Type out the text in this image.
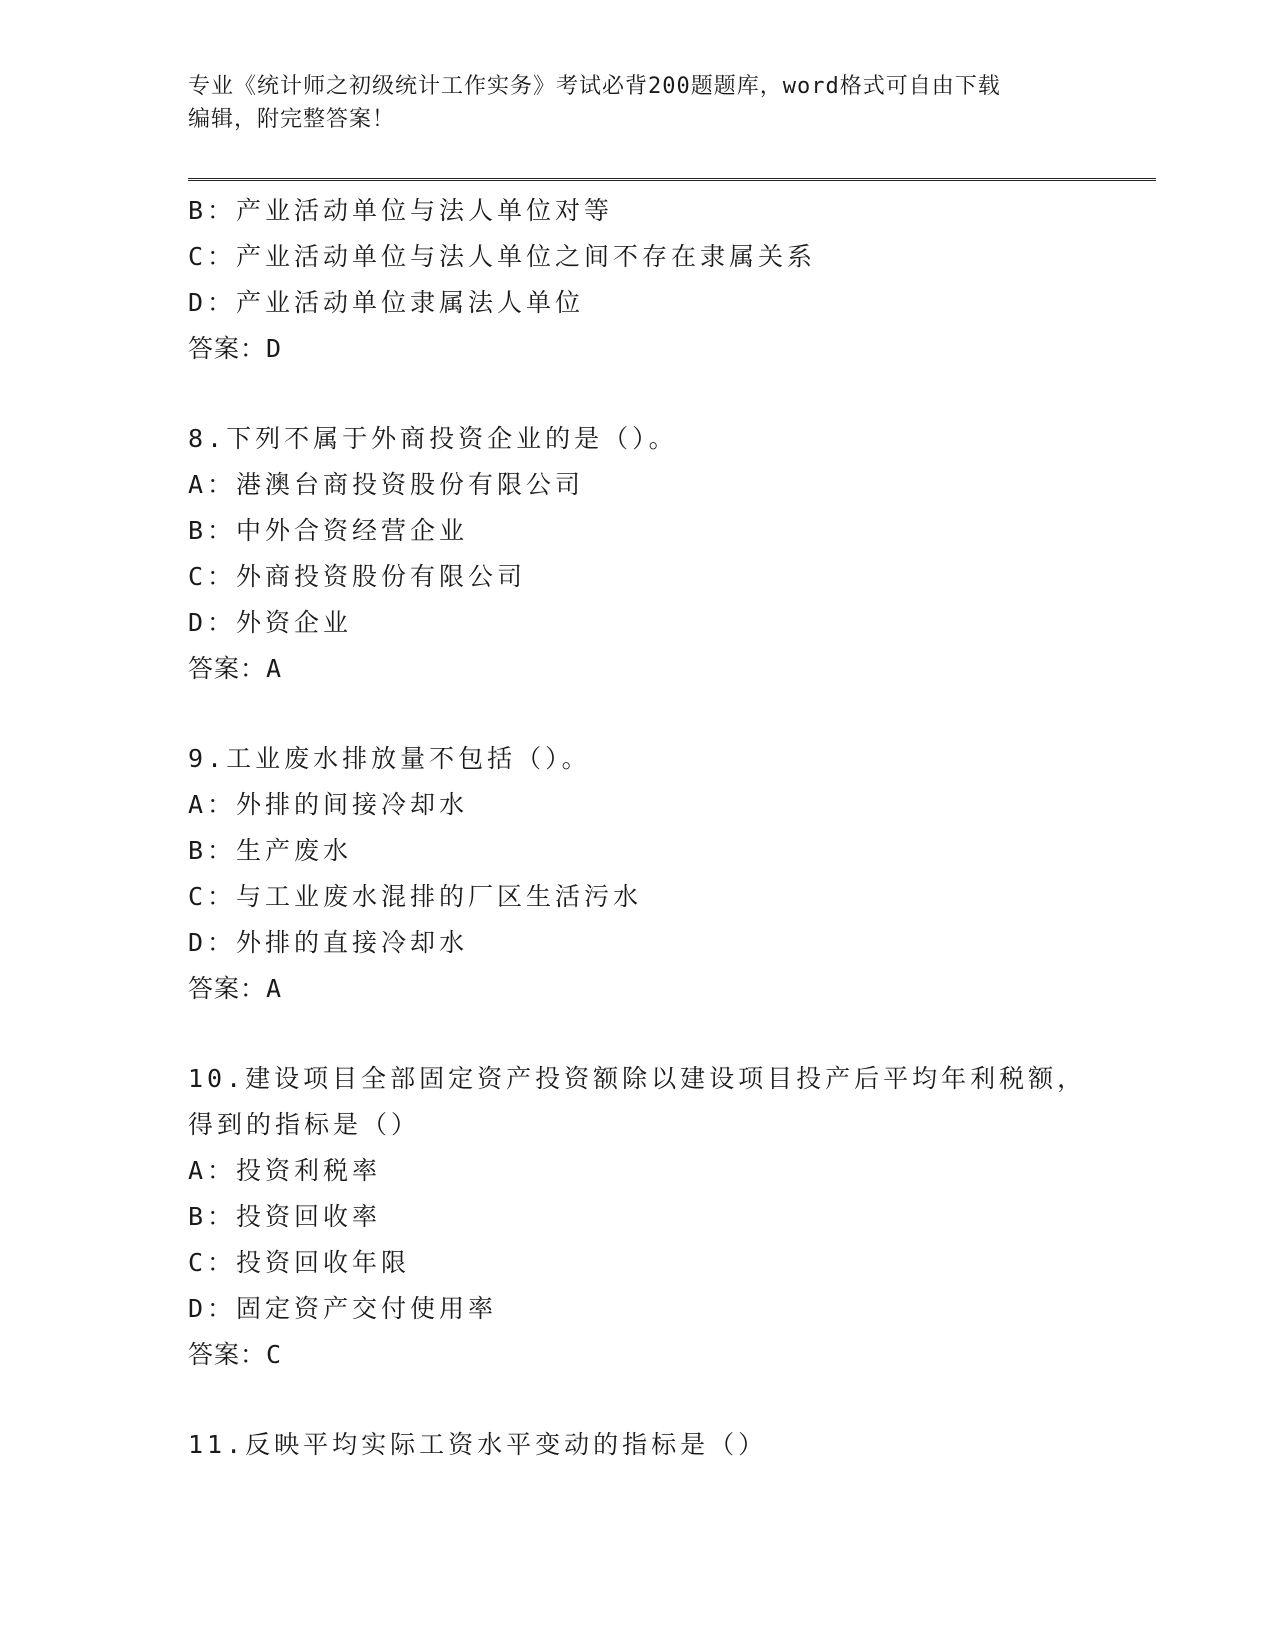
专业《统计师之初级统计工作实务》考试必背200题题库，word格式可自由下载
编辑，附完整答案！
B：产业活动单位与法人单位对等
C：产业活动单位与法人单位之间不存在隶属关系
D：产业活动单位隶属法人单位
答案：D
8.下列不属于外商投资企业的是（）。
A：港澳台商投资股份有限公司
B：中外合资经营企业
C：外商投资股份有限公司
D：外资企业
答案：A
9.工业废水排放量不包括（）。
A：外排的间接冷却水
B：生产废水
C：与工业废水混排的厂区生活污水
D：外排的直接冷却水
答案：A
10.建设项目全部固定资产投资额除以建设项目投产后平均年利税额，
得到的指标是（）
A：投资利税率
B：投资回收率
C：投资回收年限
D：固定资产交付使用率
答案：C
11.反映平均实际工资水平变动的指标是（）
